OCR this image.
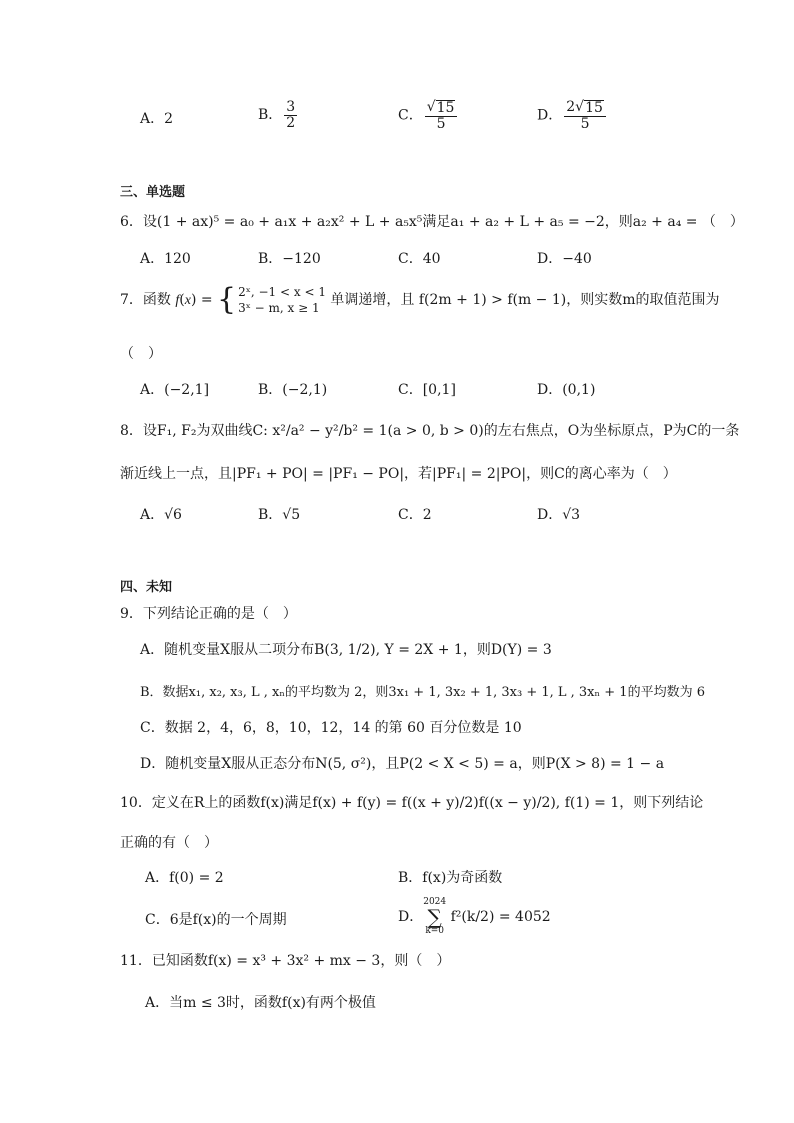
A．2	B． $\frac{3}{2}$	C． $\frac{√ 15}{5}$	D． $\frac{2√ 15}{5}$
三、单选题
6．设(1 + ax)⁵ = a₀ + a₁x + a₂x² + L + a₅x⁵满足a₁ + a₂ + L + a₅ = −2，则a₂ + a₄ = （　）
A．120	B．−120	C．40	D．−40
7．函数 f(x) = { 2ˣ, −1 < x < 1
3ˣ − m, x ≥ 1 单调递增，且 f(2m + 1) > f(m − 1)，则实数m的取值范围为
（　）
A．(−2,1]	B．(−2,1)	C．[0,1]	D．(0,1)
8．设F₁, F₂为双曲线C: x²/a² − y²/b² = 1(a > 0, b > 0)的左右焦点，O为坐标原点，P为C的一条
渐近线上一点，且|PF₁ + PO| = |PF₁ − PO|，若|PF₁| = 2|PO|，则C的离心率为（　）
A．√6	B．√5	C．2	D．√3
四、未知
9．下列结论正确的是（　）
A．随机变量X服从二项分布B(3, 1/2), Y = 2X + 1，则D(Y) = 3
B．数据x₁, x₂, x₃, L , xₙ的平均数为 2，则3x₁ + 1, 3x₂ + 1, 3x₃ + 1, L , 3xₙ + 1的平均数为 6
C．数据 2，4，6，8，10，12，14 的第 60 百分位数是 10
D．随机变量X服从正态分布N(5, σ²)，且P(2 < X < 5) = a，则P(X > 8) = 1 − a
10．定义在R上的函数f(x)满足f(x) + f(y) = f((x + y)/2)f((x − y)/2), f(1) = 1，则下列结论
正确的有（　）
A．f(0) = 2	B．f(x)为奇函数
C．6是f(x)的一个周期	D．
2024
∑
k=0
f²(k/2) = 4052
11．已知函数f(x) = x³ + 3x² + mx − 3，则（　）
A．当m ≤ 3时，函数f(x)有两个极值
